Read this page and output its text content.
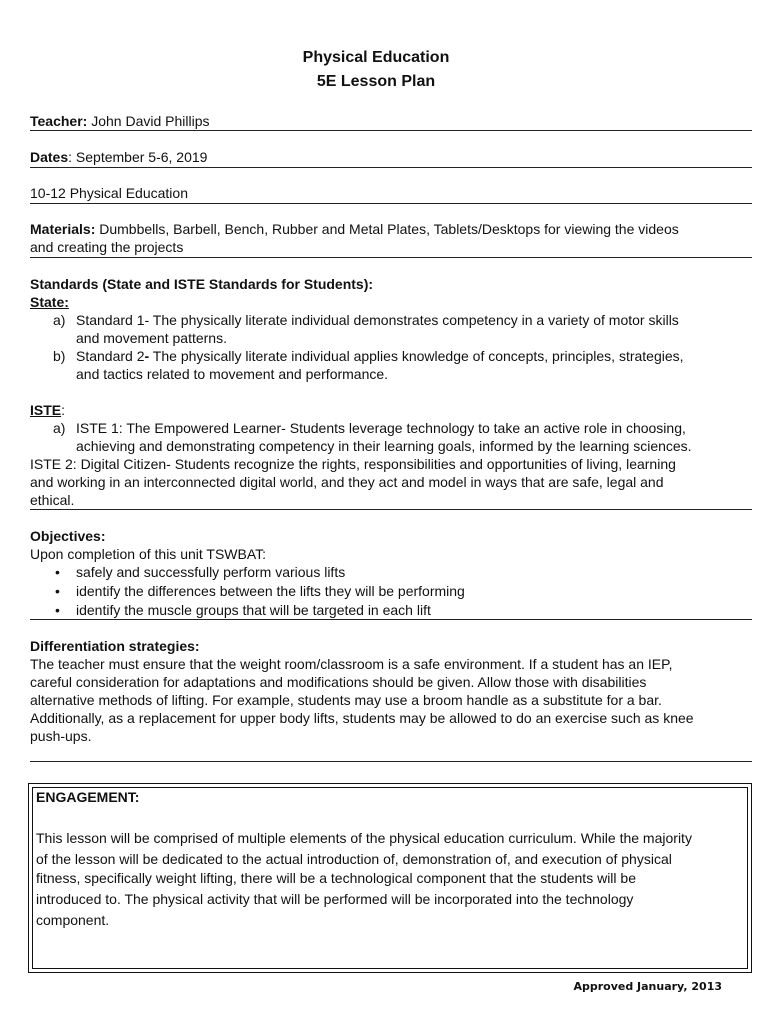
Physical Education
5E Lesson Plan
Teacher: John David Phillips
Dates: September 5-6, 2019
10-12 Physical Education
Materials: Dumbbells, Barbell, Bench, Rubber and Metal Plates, Tablets/Desktops for viewing the videos
and creating the projects
Standards (State and ISTE Standards for Students):
State:
a) Standard 1- The physically literate individual demonstrates competency in a variety of motor skills
and movement patterns.
b) Standard 2- The physically literate individual applies knowledge of concepts, principles, strategies,
and tactics related to movement and performance.
ISTE:
a) ISTE 1: The Empowered Learner- Students leverage technology to take an active role in choosing,
achieving and demonstrating competency in their learning goals, informed by the learning sciences.
ISTE 2: Digital Citizen- Students recognize the rights, responsibilities and opportunities of living, learning
and working in an interconnected digital world, and they act and model in ways that are safe, legal and
ethical.
Objectives:
Upon completion of this unit TSWBAT:
• safely and successfully perform various lifts
• identify the differences between the lifts they will be performing
• identify the muscle groups that will be targeted in each lift
Differentiation strategies:
The teacher must ensure that the weight room/classroom is a safe environment. If a student has an IEP,
careful consideration for adaptations and modifications should be given. Allow those with disabilities
alternative methods of lifting. For example, students may use a broom handle as a substitute for a bar.
Additionally, as a replacement for upper body lifts, students may be allowed to do an exercise such as knee
push-ups.
ENGAGEMENT:
This lesson will be comprised of multiple elements of the physical education curriculum. While the majority
of the lesson will be dedicated to the actual introduction of, demonstration of, and execution of physical
fitness, specifically weight lifting, there will be a technological component that the students will be
introduced to. The physical activity that will be performed will be incorporated into the technology
component.
Approved January, 2013
